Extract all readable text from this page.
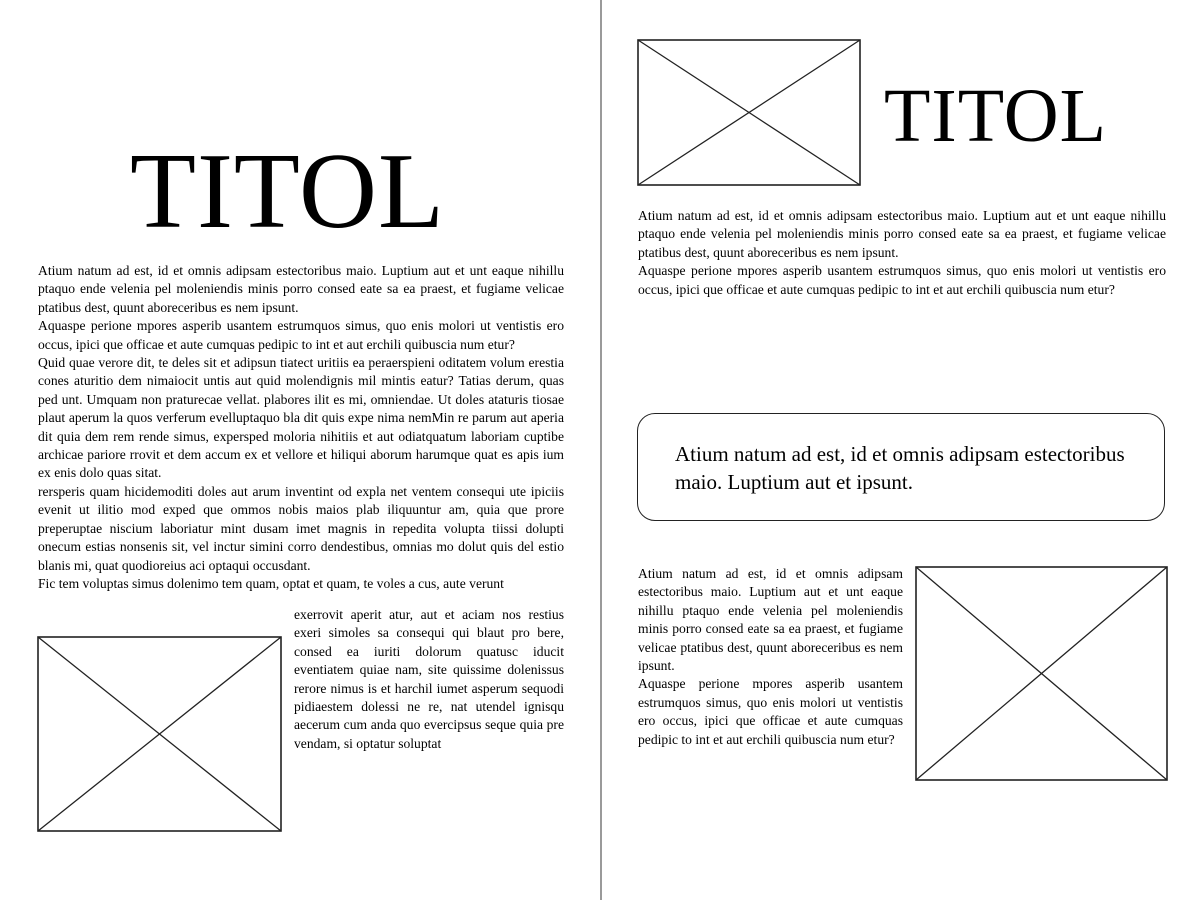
TITOL

Atium natum ad est, id et omnis adipsam estectoribus maio. Luptium aut et unt eaque nihillu ptaquo ende velenia pel moleniendis minis porro consed eate sa ea praest, et fugiame velicae ptatibus dest, quunt aboreceribus es nem ipsunt.

Aquaspe perione mpores asperib usantem estrumquos simus, quo enis molori ut ventistis ero occus, ipici que officae et aute cumquas pedipic to int et aut erchili quibuscia num etur?

Quid quae verore dit, te deles sit et adipsun tiatect uritiis ea peraerspieni oditatem volum erestia cones aturitio dem nimaiocit untis aut quid molendignis mil mintis eatur? Tatias derum, quas ped unt. Umquam non praturecae vellat. plabores ilit es mi, omniendae. Ut doles ataturis tiosae plaut aperum la quos verferum evelluptaquo bla dit quis expe nima nemMin re parum aut aperia dit quia dem rem rende simus, expersped moloria nihitiis et aut odiatquatum laboriam cuptibe archicae pariore rrovit et dem accum ex et vellore et hiliqui aborum harumque quat es apis ium ex enis dolo quas sitat.

rersperis quam hicidemoditi doles aut arum inventint od expla net ventem consequi ute ipiciis evenit ut ilitio mod exped que ommos nobis maios plab iliquuntur am, quia que prore preperuptae niscium laboriatur mint dusam imet magnis in repedita volupta tiissi dolupti onecum estias nonsenis sit, vel inctur simini corro dendestibus, omnias mo dolut quis del estio blanis mi, quat quodioreius aci optaqui occusdant.

Fic tem voluptas simus dolenimo tem quam, optat et quam, te voles a cus, aute verunt

exerrovit aperit atur, aut et aciam nos restius exeri simoles sa consequi qui blaut pro bere, consed ea iuriti dolorum quatusc iducit eventiatem quiae nam, site quissime dolenissus rerore nimus is et harchil iumet asperum sequodi pidiaestem dolessi ne re, nat utendel ignisqu aecerum cum anda quo evercipsus seque quia pre vendam, si optatur soluptat

TITOL

Atium natum ad est, id et omnis adipsam estectoribus maio. Luptium aut et unt eaque nihillu ptaquo ende velenia pel moleniendis minis porro consed eate sa ea praest, et fugiame velicae ptatibus dest, quunt aboreceribus es nem ipsunt.

Aquaspe perione mpores asperib usantem estrumquos simus, quo enis molori ut ventistis ero occus, ipici que officae et aute cumquas pedipic to int et aut erchili quibuscia num etur?

Atium natum ad est, id et omnis adipsam estectoribus maio. Luptium aut et ipsunt.

Atium natum ad est, id et omnis adipsam estectoribus maio. Luptium aut et unt eaque nihillu ptaquo ende velenia pel moleniendis minis porro consed eate sa ea praest, et fugiame velicae ptatibus dest, quunt aboreceribus es nem ipsunt.

Aquaspe perione mpores asperib usantem estrumquos simus, quo enis molori ut ventistis ero occus, ipici que officae et aute cumquas pedipic to int et aut erchili quibuscia num etur?
